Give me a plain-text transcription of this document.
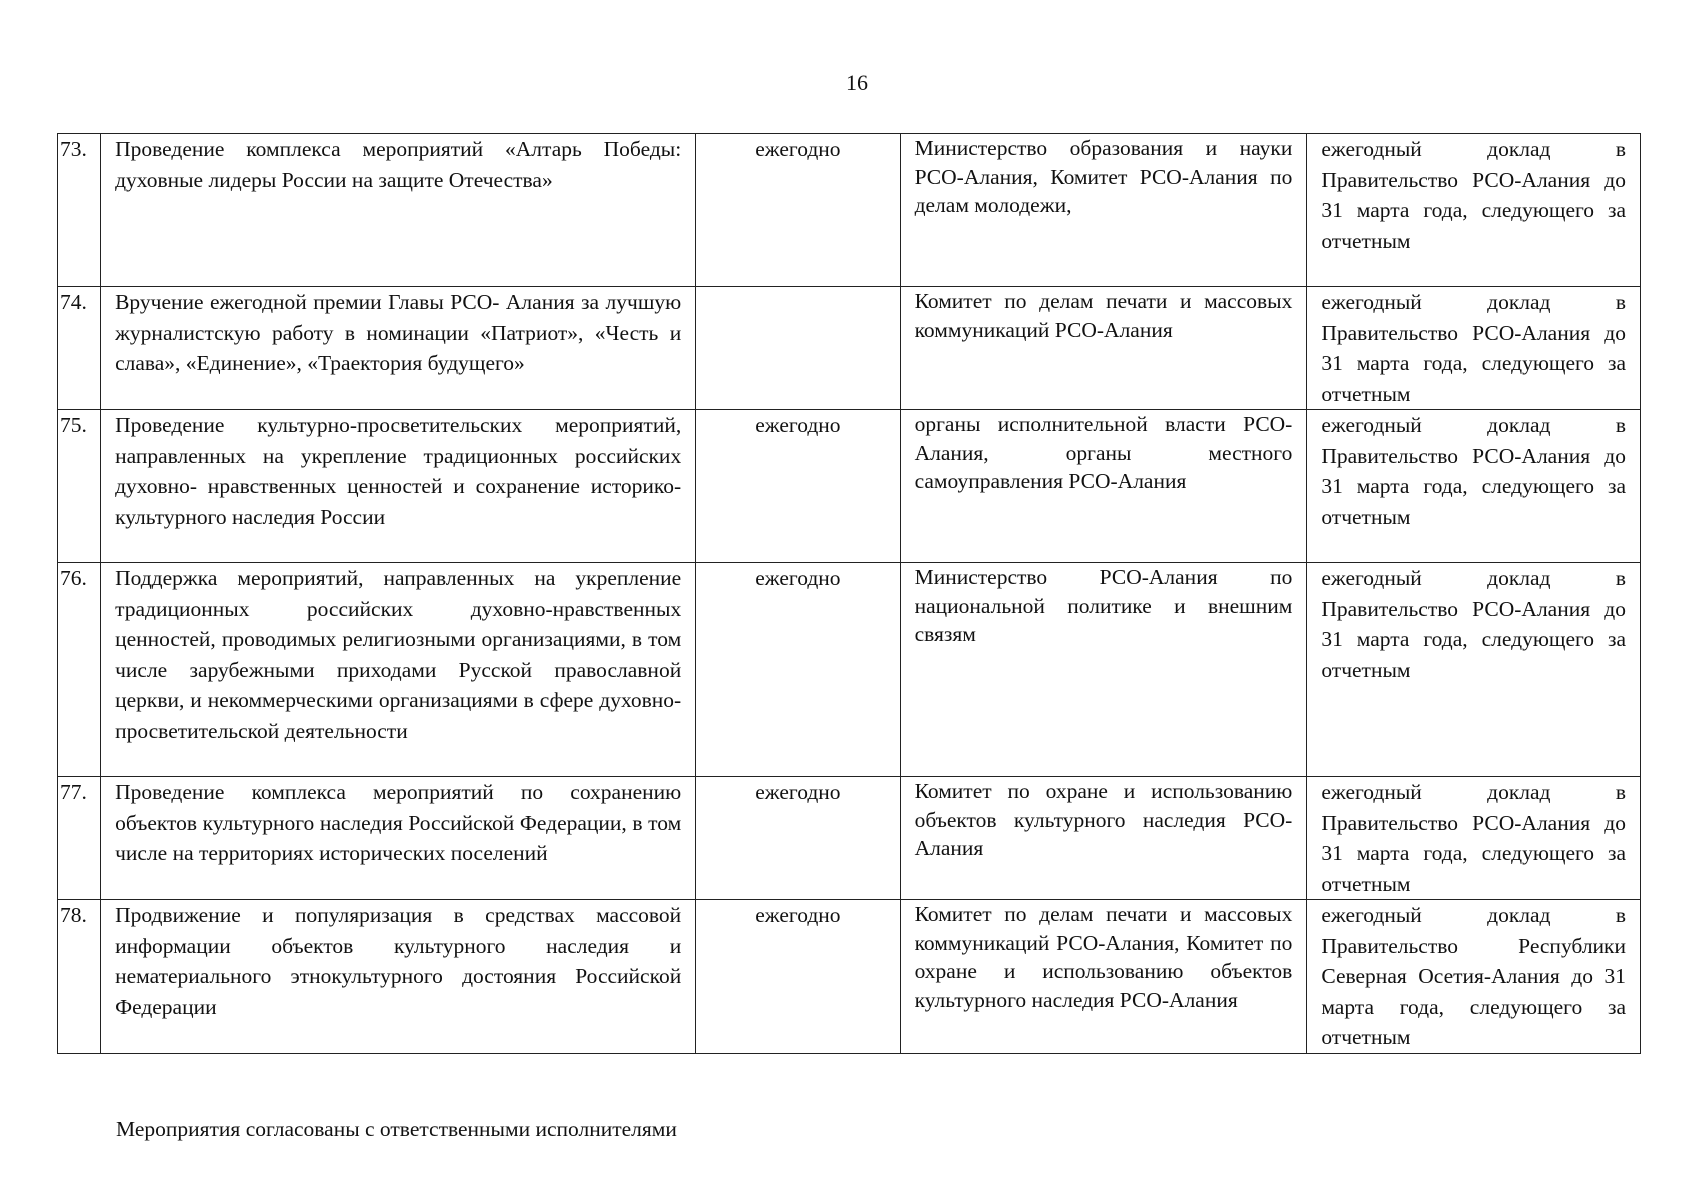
16
73.	Проведение комплекса мероприятий «Алтарь Победы: духовные лидеры России на защите Отечества»	ежегодно	Министерство образования и науки РСО-Алания, Комитет РСО-Алания по делам молодежи,	ежегодный доклад в Правительство РСО-Алания до 31 марта года, следующего за отчетным
74.	Вручение ежегодной премии Главы РСО- Алания за лучшую журналистскую работу в номинации «Патриот», «Честь и слава», «Единение», «Траектория будущего»		Комитет по делам печати и массовых коммуникаций РСО-Алания	ежегодный доклад в Правительство РСО-Алания до 31 марта года, следующего за отчетным
75.	Проведение культурно-просветительских мероприятий, направленных на укрепление традиционных российских духовно- нравственных ценностей и сохранение историко-культурного наследия России	ежегодно	органы исполнительной власти РСО-Алания, органы местного самоуправления РСО-Алания	ежегодный доклад в Правительство РСО-Алания до 31 марта года, следующего за отчетным
76.	Поддержка мероприятий, направленных на укрепление традиционных российских духовно-нравственных ценностей, проводимых религиозными организациями, в том числе зарубежными приходами Русской православной церкви, и некоммерческими организациями в сфере духовно-просветительской деятельности	ежегодно	Министерство РСО-Алания по национальной политике и внешним связям	ежегодный доклад в Правительство РСО-Алания до 31 марта года, следующего за отчетным
77.	Проведение комплекса мероприятий по сохранению объектов культурного наследия Российской Федерации, в том числе на территориях исторических поселений	ежегодно	Комитет по охране и использованию объектов культурного наследия РСО-Алания	ежегодный доклад в Правительство РСО-Алания до 31 марта года, следующего за отчетным
78.	Продвижение и популяризация в средствах массовой информации объектов культурного наследия и нематериального этнокультурного достояния Российской Федерации	ежегодно	Комитет по делам печати и массовых коммуникаций РСО-Алания, Комитет по охране и использованию объектов культурного наследия РСО-Алания	ежегодный доклад в Правительство Республики Северная Осетия-Алания до 31 марта года, следующего за отчетным
Мероприятия согласованы с ответственными исполнителями
